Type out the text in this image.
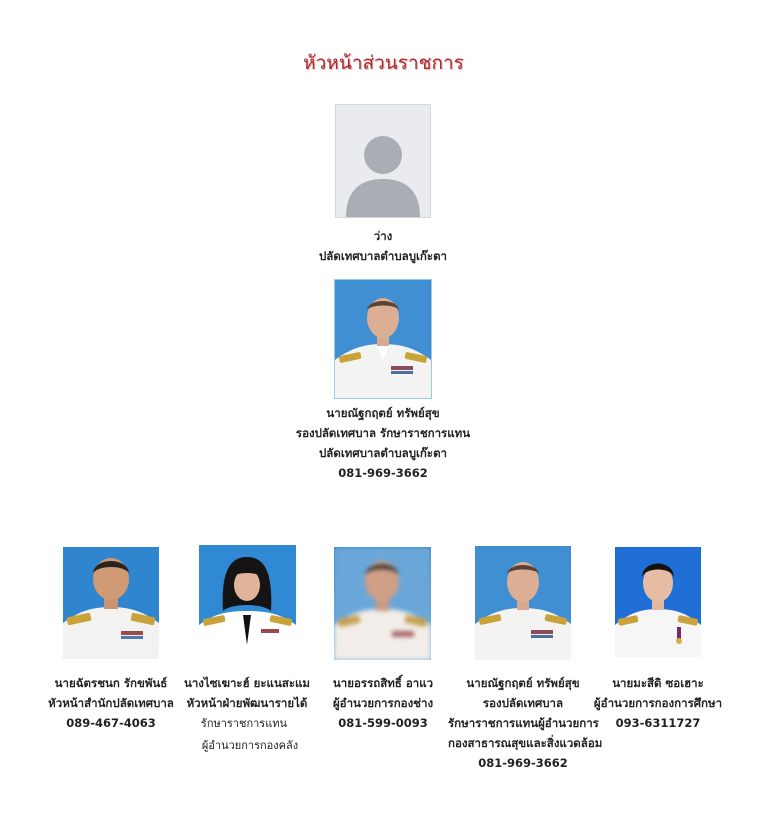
หัวหน้าส่วนราชการ
ว่าง
ปลัดเทศบาลตำบลบูเก๊ะตา
นายณัฐกฤตย์ ทรัพย์สุข
รองปลัดเทศบาล รักษาราชการแทน
ปลัดเทศบาลตำบลบูเก๊ะตา
081-969-3662
นายฉัตรชนก รักขพันธ์
หัวหน้าสำนักปลัดเทศบาล
089-467-4063
นางไซเฆาะฮ์ ยะแนสะแม
หัวหน้าฝ่ายพัฒนารายได้
รักษาราชการแทน
ผู้อำนวยการกองคลัง
นายอรรถสิทธิ์ อาแว
ผู้อำนวยการกองช่าง
081-599-0093
นายณัฐกฤตย์ ทรัพย์สุข
รองปลัดเทศบาล
รักษาราชการแทนผู้อำนวยการ
กองสาธารณสุขและสิ่งแวดล้อม
081-969-3662
นายมะสีดิ ซอเฮาะ
ผู้อำนวยการกองการศึกษา
093-6311727
